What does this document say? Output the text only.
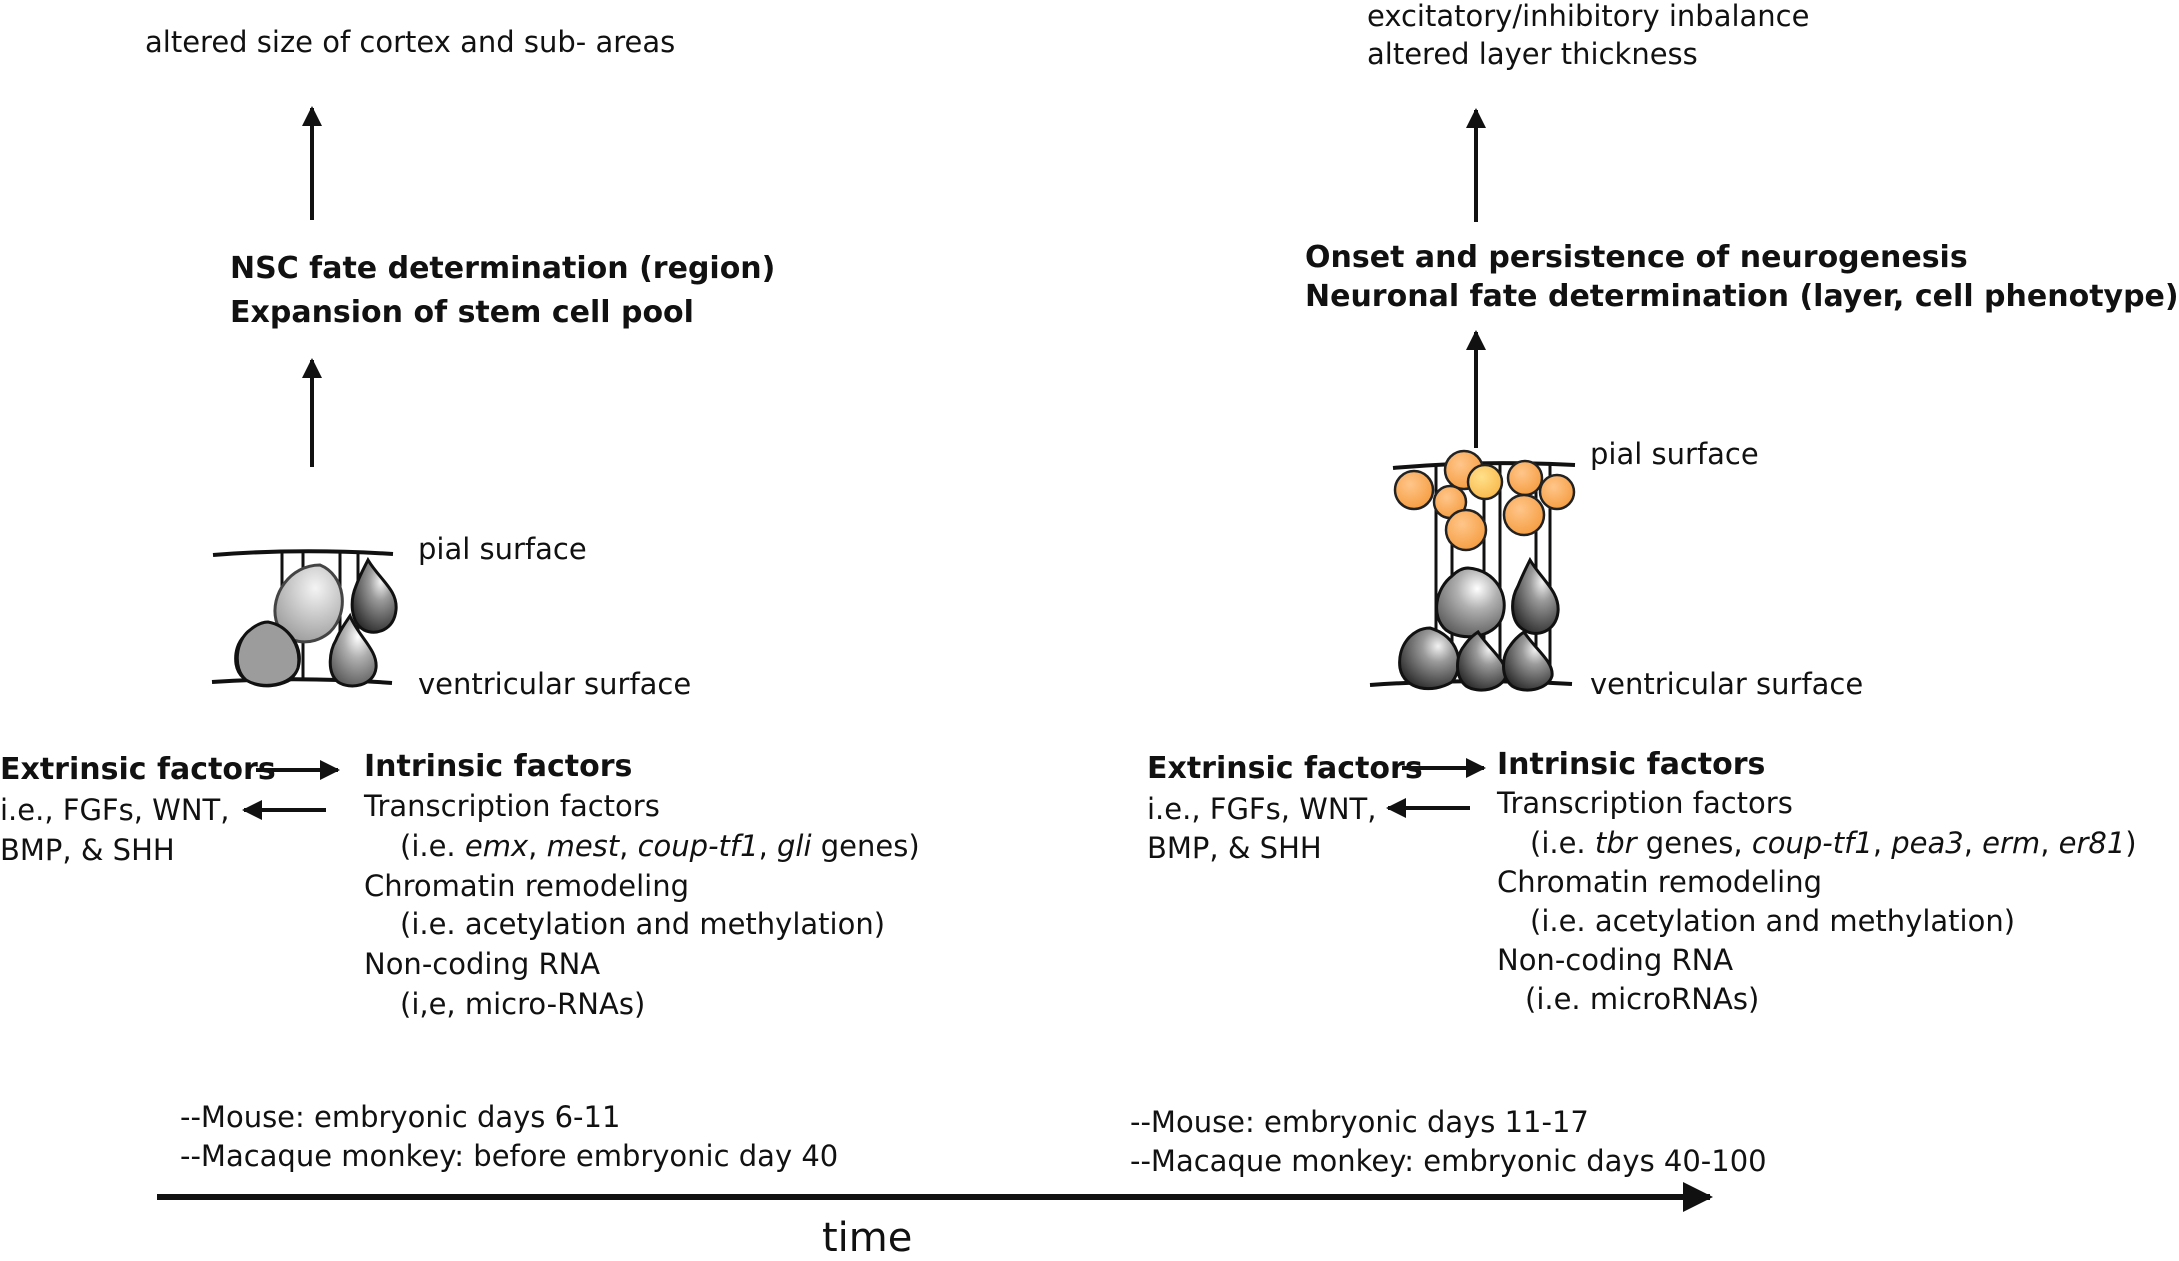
altered size of cortex and sub- areas
NSC fate determination (region)
Expansion of stem cell pool
pial surface
ventricular surface
Extrinsic factors
i.e., FGFs, WNT,
BMP, & SHH
Intrinsic factors
Transcription factors
(i.e. emx, mest, coup-tf1, gli genes)
Chromatin remodeling
(i.e. acetylation and methylation)
Non-coding RNA
(i,e, micro-RNAs)
--Mouse: embryonic days 6-11
--Macaque monkey: before embryonic day 40
excitatory/inhibitory inbalance
altered layer thickness
Onset and persistence of neurogenesis
Neuronal fate determination (layer, cell phenotype)
pial surface
ventricular surface
Extrinsic factors
i.e., FGFs, WNT,
BMP, & SHH
Intrinsic factors
Transcription factors
(i.e. tbr genes, coup-tf1, pea3, erm, er81)
Chromatin remodeling
(i.e. acetylation and methylation)
Non-coding RNA
(i.e. microRNAs)
--Mouse: embryonic days 11-17
--Macaque monkey: embryonic days 40-100
time
